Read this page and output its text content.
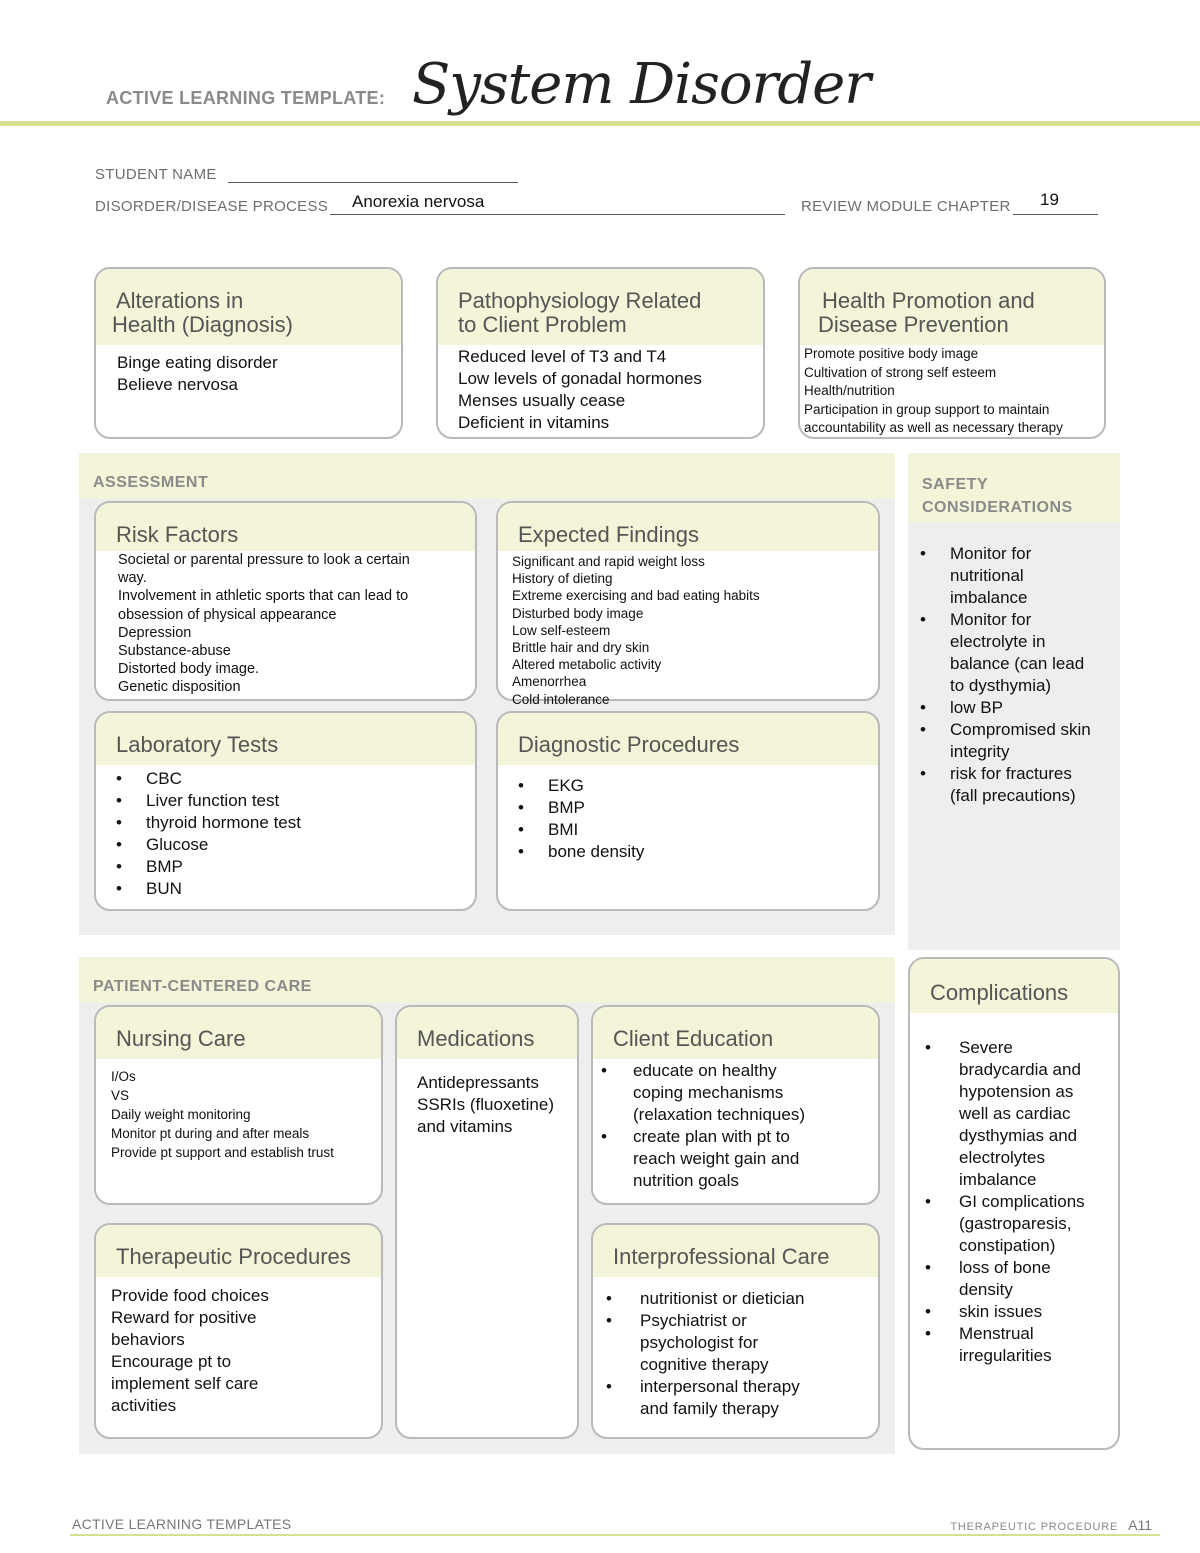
ACTIVE LEARNING TEMPLATE: System Disorder
STUDENT NAME
DISORDER/DISEASE PROCESS Anorexia nervosa	REVIEW MODULE CHAPTER 19
Alterations in
Health (Diagnosis)
Binge eating disorder
Believe nervosa
Pathophysiology Related
to Client Problem
Reduced level of T3 and T4
Low levels of gonadal hormones
Menses usually cease
Deficient in vitamins
Health Promotion and
Disease Prevention
Promote positive body image
Cultivation of strong self esteem
Health/nutrition
Participation in group support to maintain
accountability as well as necessary therapy
ASSESSMENT
Risk Factors
Societal or parental pressure to look a certain
way.
Involvement in athletic sports that can lead to
obsession of physical appearance
Depression
Substance-abuse
Distorted body image.
Genetic disposition
Expected Findings
Significant and rapid weight loss
History of dieting
Extreme exercising and bad eating habits
Disturbed body image
Low self-esteem
Brittle hair and dry skin
Altered metabolic activity
Amenorrhea
Cold intolerance
Laboratory Tests
• CBC
• Liver function test
• thyroid hormone test
• Glucose
• BMP
• BUN
Diagnostic Procedures
• EKG
• BMP
• BMI
• bone density
SAFETY
CONSIDERATIONS
• Monitor for
nutritional
imbalance
• Monitor for
electrolyte in
balance (can lead
to dysthymia)
• low BP
• Compromised skin
integrity
• risk for fractures
(fall precautions)
PATIENT-CENTERED CARE
Nursing Care
I/Os
VS
Daily weight monitoring
Monitor pt during and after meals
Provide pt support and establish trust
Medications
Antidepressants
SSRIs (fluoxetine)
and vitamins
Client Education
• educate on healthy
coping mechanisms
(relaxation techniques)
• create plan with pt to
reach weight gain and
nutrition goals
Therapeutic Procedures
Provide food choices
Reward for positive
behaviors
Encourage pt to
implement self care
activities
Interprofessional Care
• nutritionist or dietician
• Psychiatrist or
psychologist for
cognitive therapy
• interpersonal therapy
and family therapy
Complications
• Severe
bradycardia and
hypotension as
well as cardiac
dysthymias and
electrolytes
imbalance
• GI complications
(gastroparesis,
constipation)
• loss of bone
density
• skin issues
• Menstrual
irregularities
ACTIVE LEARNING TEMPLATES	THERAPEUTIC PROCEDURE A11
